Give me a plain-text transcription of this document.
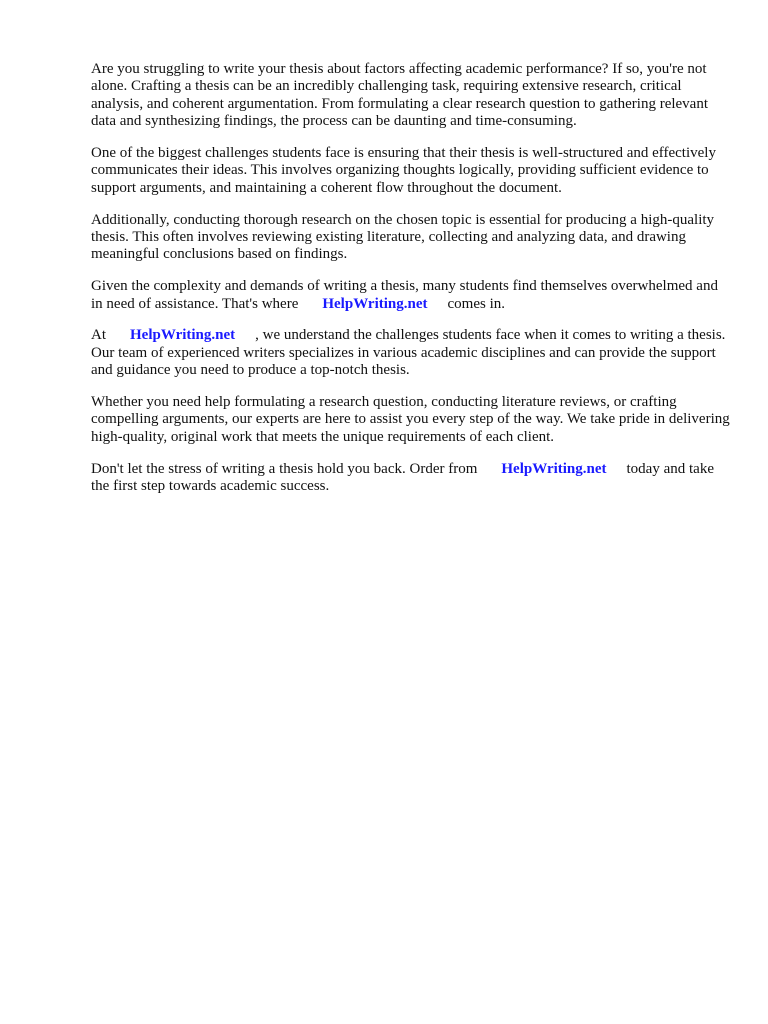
Are you struggling to write your thesis about factors affecting academic performance? If so, you're not alone. Crafting a thesis can be an incredibly challenging task, requiring extensive research, critical analysis, and coherent argumentation. From formulating a clear research question to gathering relevant data and synthesizing findings, the process can be daunting and time-consuming.

One of the biggest challenges students face is ensuring that their thesis is well-structured and effectively communicates their ideas. This involves organizing thoughts logically, providing sufficient evidence to support arguments, and maintaining a coherent flow throughout the document.

Additionally, conducting thorough research on the chosen topic is essential for producing a high-quality thesis. This often involves reviewing existing literature, collecting and analyzing data, and drawing meaningful conclusions based on findings.

Given the complexity and demands of writing a thesis, many students find themselves overwhelmed and in need of assistance. That's where HelpWriting.net comes in.

At HelpWriting.net , we understand the challenges students face when it comes to writing a thesis. Our team of experienced writers specializes in various academic disciplines and can provide the support and guidance you need to produce a top-notch thesis.

Whether you need help formulating a research question, conducting literature reviews, or crafting compelling arguments, our experts are here to assist you every step of the way. We take pride in delivering high-quality, original work that meets the unique requirements of each client.

Don't let the stress of writing a thesis hold you back. Order from HelpWriting.net today and take the first step towards academic success.
